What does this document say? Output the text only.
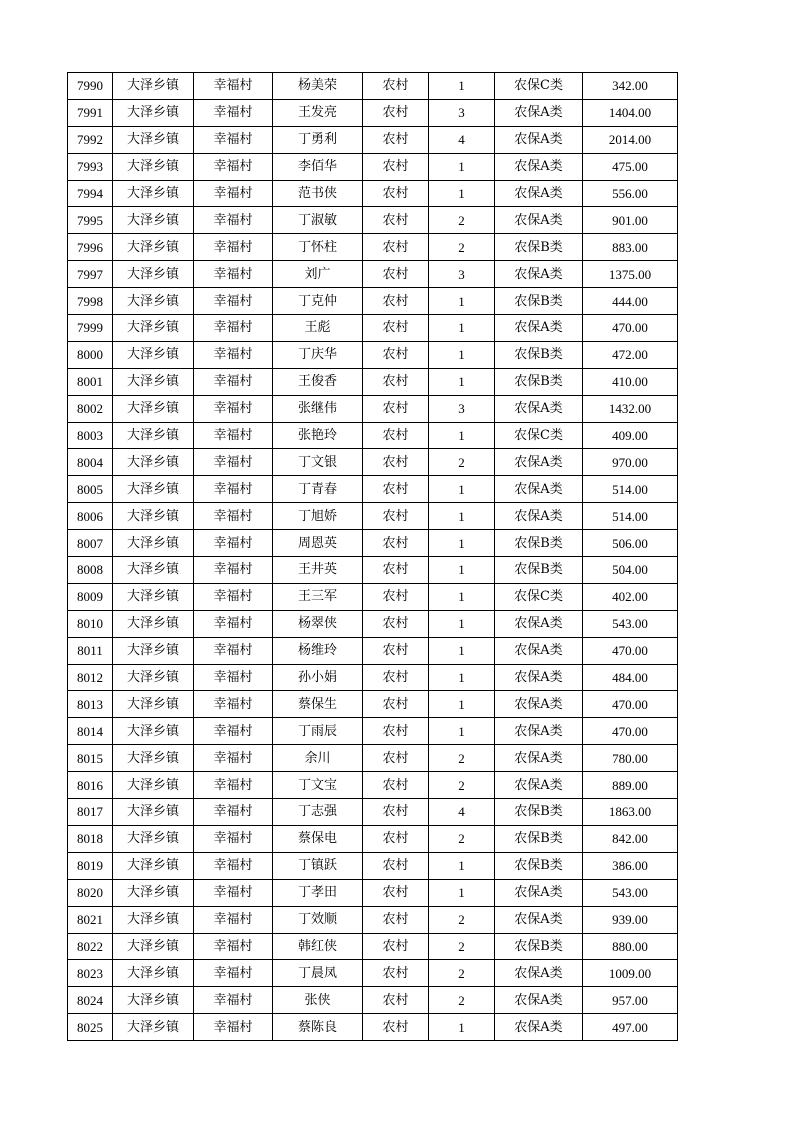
7990	大泽乡镇	幸福村	杨美荣	农村	1	农保C类	342.00
7991	大泽乡镇	幸福村	王发亮	农村	3	农保A类	1404.00
7992	大泽乡镇	幸福村	丁勇利	农村	4	农保A类	2014.00
7993	大泽乡镇	幸福村	李佰华	农村	1	农保A类	475.00
7994	大泽乡镇	幸福村	范书侠	农村	1	农保A类	556.00
7995	大泽乡镇	幸福村	丁淑敏	农村	2	农保A类	901.00
7996	大泽乡镇	幸福村	丁怀柱	农村	2	农保B类	883.00
7997	大泽乡镇	幸福村	刘广	农村	3	农保A类	1375.00
7998	大泽乡镇	幸福村	丁克仲	农村	1	农保B类	444.00
7999	大泽乡镇	幸福村	王彪	农村	1	农保A类	470.00
8000	大泽乡镇	幸福村	丁庆华	农村	1	农保B类	472.00
8001	大泽乡镇	幸福村	王俊香	农村	1	农保B类	410.00
8002	大泽乡镇	幸福村	张继伟	农村	3	农保A类	1432.00
8003	大泽乡镇	幸福村	张艳玲	农村	1	农保C类	409.00
8004	大泽乡镇	幸福村	丁文银	农村	2	农保A类	970.00
8005	大泽乡镇	幸福村	丁青春	农村	1	农保A类	514.00
8006	大泽乡镇	幸福村	丁旭娇	农村	1	农保A类	514.00
8007	大泽乡镇	幸福村	周恩英	农村	1	农保B类	506.00
8008	大泽乡镇	幸福村	王井英	农村	1	农保B类	504.00
8009	大泽乡镇	幸福村	王三军	农村	1	农保C类	402.00
8010	大泽乡镇	幸福村	杨翠侠	农村	1	农保A类	543.00
8011	大泽乡镇	幸福村	杨维玲	农村	1	农保A类	470.00
8012	大泽乡镇	幸福村	孙小娟	农村	1	农保A类	484.00
8013	大泽乡镇	幸福村	蔡保生	农村	1	农保A类	470.00
8014	大泽乡镇	幸福村	丁雨辰	农村	1	农保A类	470.00
8015	大泽乡镇	幸福村	余川	农村	2	农保A类	780.00
8016	大泽乡镇	幸福村	丁文宝	农村	2	农保A类	889.00
8017	大泽乡镇	幸福村	丁志强	农村	4	农保B类	1863.00
8018	大泽乡镇	幸福村	蔡保电	农村	2	农保B类	842.00
8019	大泽乡镇	幸福村	丁镇跃	农村	1	农保B类	386.00
8020	大泽乡镇	幸福村	丁孝田	农村	1	农保A类	543.00
8021	大泽乡镇	幸福村	丁效顺	农村	2	农保A类	939.00
8022	大泽乡镇	幸福村	韩红侠	农村	2	农保B类	880.00
8023	大泽乡镇	幸福村	丁晨凤	农村	2	农保A类	1009.00
8024	大泽乡镇	幸福村	张侠	农村	2	农保A类	957.00
8025	大泽乡镇	幸福村	蔡陈良	农村	1	农保A类	497.00
